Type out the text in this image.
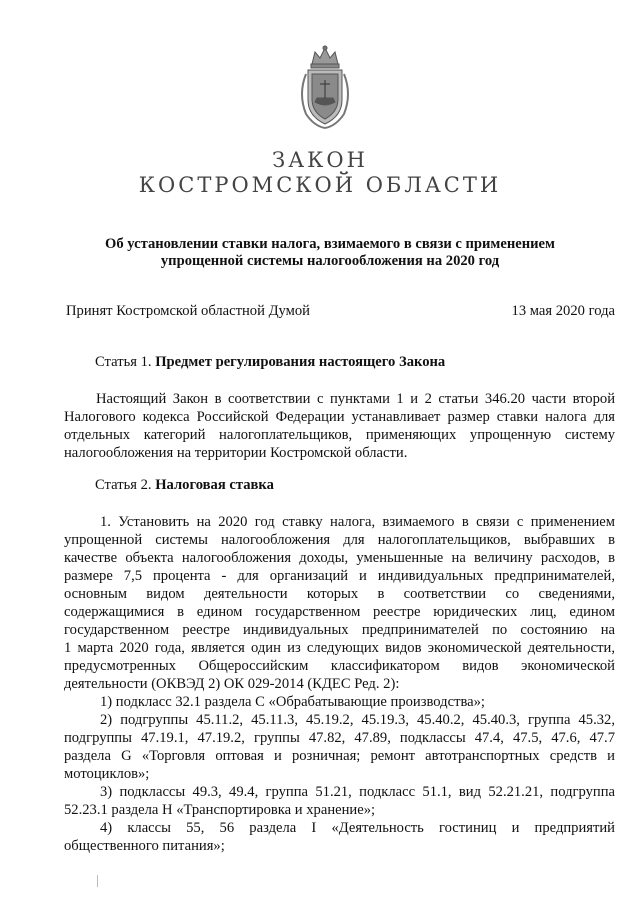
ЗАКОН
КОСТРОМСКОЙ ОБЛАСТИ
Об установлении ставки налога, взимаемого в связи с применением
упрощенной системы налогообложения на 2020 год
Принят Костромской областной Думой	13 мая 2020 года
Статья 1. Предмет регулирования настоящего Закона
Настоящий Закон в соответствии с пунктами 1 и 2 статьи 346.20 части второй
Налогового кодекса Российской Федерации устанавливает размер ставки налога для
отдельных категорий налогоплательщиков, применяющих упрощенную систему
налогообложения на территории Костромской области.
Статья 2. Налоговая ставка
1. Установить на 2020 год ставку налога, взимаемого в связи с применением
упрощенной системы налогообложения для налогоплательщиков, выбравших в
качестве объекта налогообложения доходы, уменьшенные на величину расходов, в
размере 7,5 процента - для организаций и индивидуальных предпринимателей,
основным видом деятельности которых в соответствии со сведениями,
содержащимися в едином государственном реестре юридических лиц, едином
государственном реестре индивидуальных предпринимателей по состоянию на
1 марта 2020 года, является один из следующих видов экономической деятельности,
предусмотренных Общероссийским классификатором видов экономической
деятельности (ОКВЭД 2) ОК 029-2014 (КДЕС Ред. 2):
1) подкласс 32.1 раздела C «Обрабатывающие производства»;
2) подгруппы 45.11.2, 45.11.3, 45.19.2, 45.19.3, 45.40.2, 45.40.3, группа 45.32,
подгруппы 47.19.1, 47.19.2, группы 47.82, 47.89, подклассы 47.4, 47.5, 47.6, 47.7
раздела G «Торговля оптовая и розничная; ремонт автотранспортных средств и
мотоциклов»;
3) подклассы 49.3, 49.4, группа 51.21, подкласс 51.1, вид 52.21.21, подгруппа
52.23.1 раздела H «Транспортировка и хранение»;
4) классы 55, 56 раздела I «Деятельность гостиниц и предприятий
общественного питания»;
